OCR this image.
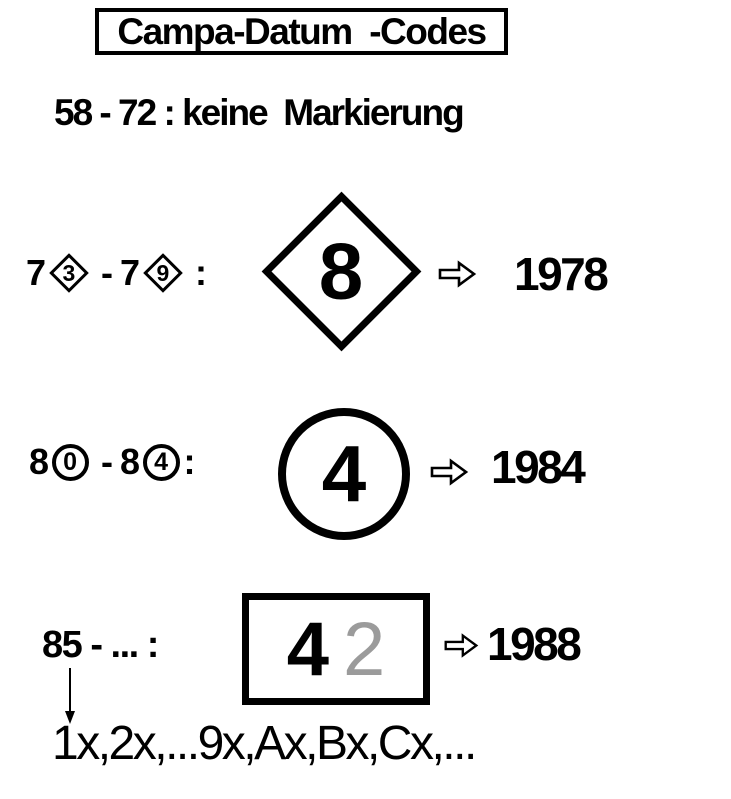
Campa-Datum  -Codes
58 - 72 : keine  Markierung
7 3 - 7 9 : 8	1978
8 0 - 8 4 : 4	1984
85 - ... : 4 2 1988
1x,2x,...9x,Ax,Bx,Cx,...
